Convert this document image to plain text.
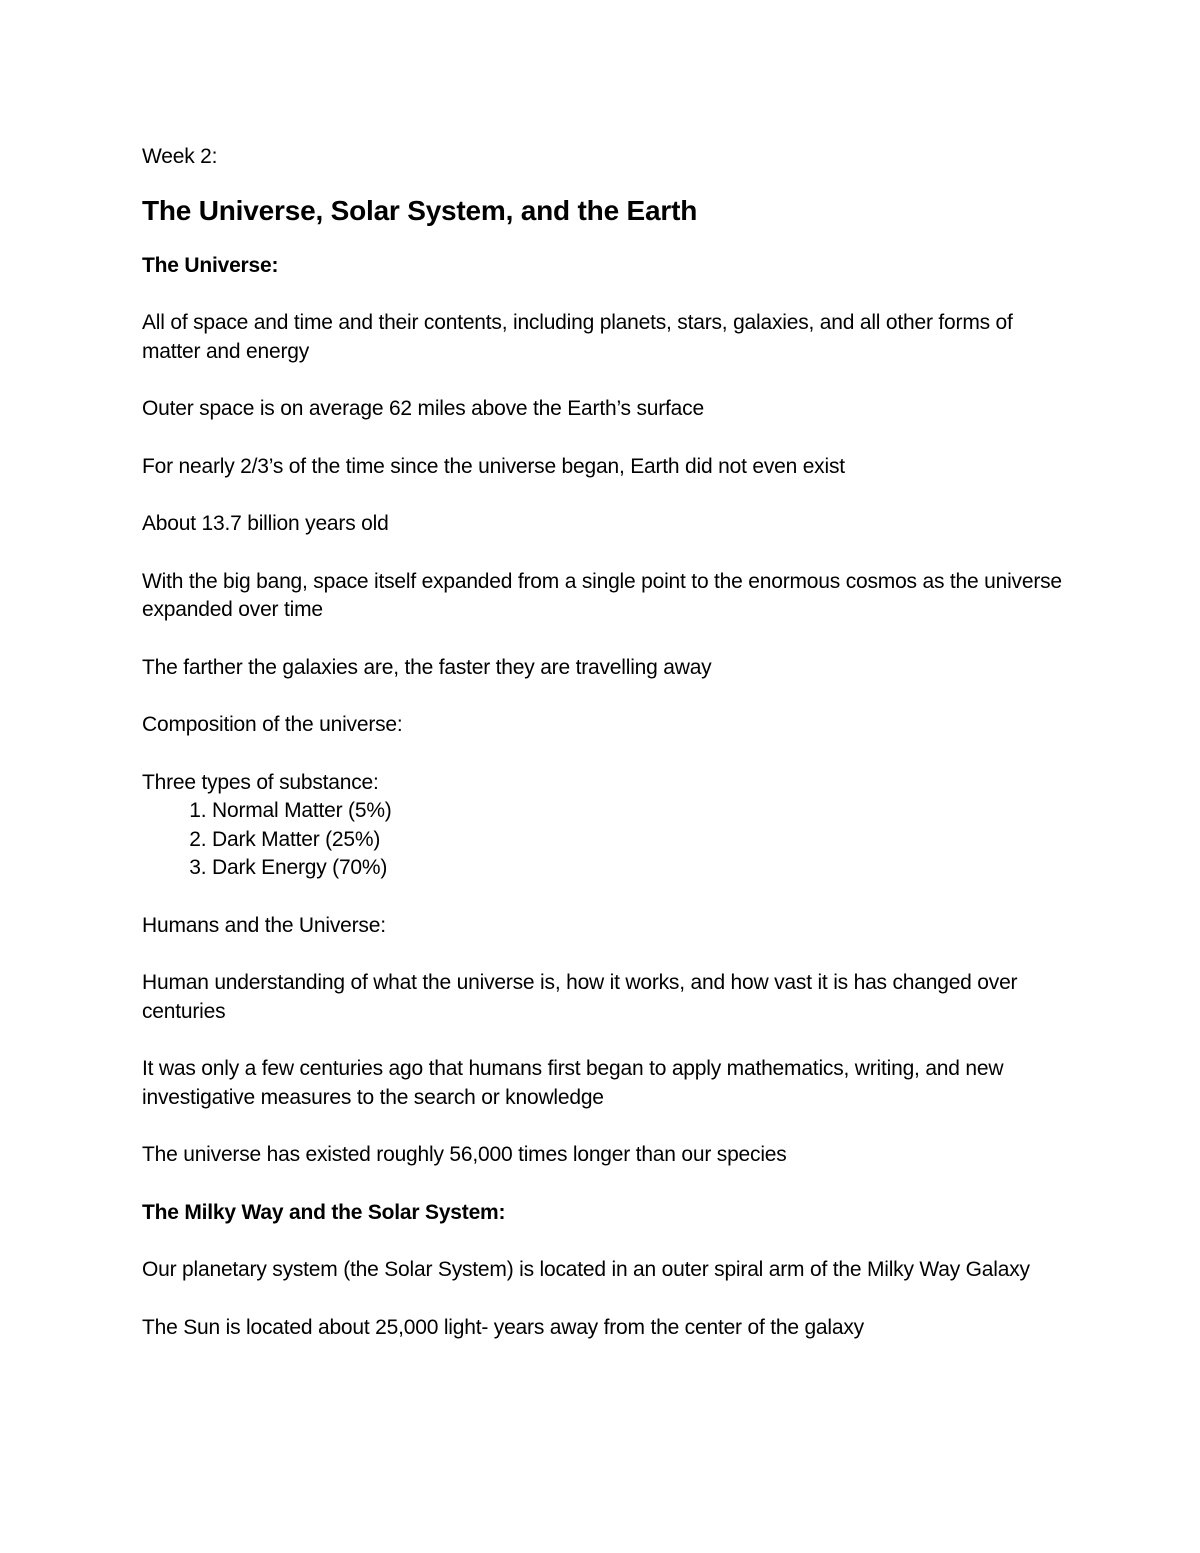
Week 2:

The Universe, Solar System, and the Earth

The Universe:

All of space and time and their contents, including planets, stars, galaxies, and all other forms of matter and energy

Outer space is on average 62 miles above the Earth’s surface

For nearly 2/3’s of the time since the universe began, Earth did not even exist

About 13.7 billion years old

With the big bang, space itself expanded from a single point to the enormous cosmos as the universe expanded over time

The farther the galaxies are, the faster they are travelling away

Composition of the universe:

Three types of substance:

1. Normal Matter (5%)
2. Dark Matter (25%)
3. Dark Energy (70%)

Humans and the Universe:

Human understanding of what the universe is, how it works, and how vast it is has changed over centuries

It was only a few centuries ago that humans first began to apply mathematics, writing, and new investigative measures to the search or knowledge

The universe has existed roughly 56,000 times longer than our species

The Milky Way and the Solar System:

Our planetary system (the Solar System) is located in an outer spiral arm of the Milky Way Galaxy

The Sun is located about 25,000 light- years away from the center of the galaxy
